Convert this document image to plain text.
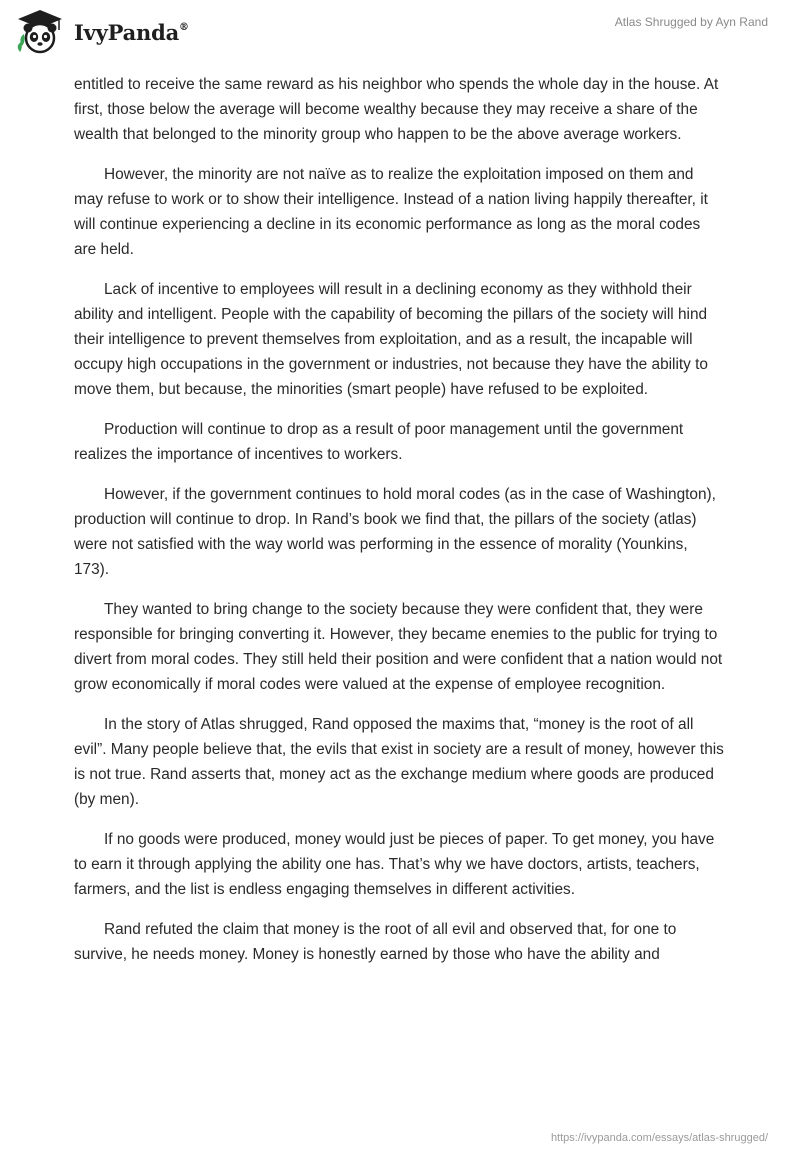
IvyPanda®	Atlas Shrugged by Ayn Rand

entitled to receive the same reward as his neighbor who spends the whole day in the house. At first, those below the average will become wealthy because they may receive a share of the wealth that belonged to the minority group who happen to be the above average workers.

However, the minority are not naïve as to realize the exploitation imposed on them and may refuse to work or to show their intelligence. Instead of a nation living happily thereafter, it will continue experiencing a decline in its economic performance as long as the moral codes are held.

Lack of incentive to employees will result in a declining economy as they withhold their ability and intelligent. People with the capability of becoming the pillars of the society will hind their intelligence to prevent themselves from exploitation, and as a result, the incapable will occupy high occupations in the government or industries, not because they have the ability to move them, but because, the minorities (smart people) have refused to be exploited.

Production will continue to drop as a result of poor management until the government realizes the importance of incentives to workers.

However, if the government continues to hold moral codes (as in the case of Washington), production will continue to drop. In Rand’s book we find that, the pillars of the society (atlas) were not satisfied with the way world was performing in the essence of morality (Younkins, 173).

They wanted to bring change to the society because they were confident that, they were responsible for bringing converting it. However, they became enemies to the public for trying to divert from moral codes. They still held their position and were confident that a nation would not grow economically if moral codes were valued at the expense of employee recognition.

In the story of Atlas shrugged, Rand opposed the maxims that, “money is the root of all evil”. Many people believe that, the evils that exist in society are a result of money, however this is not true. Rand asserts that, money act as the exchange medium where goods are produced (by men).

If no goods were produced, money would just be pieces of paper. To get money, you have to earn it through applying the ability one has. That’s why we have doctors, artists, teachers, farmers, and the list is endless engaging themselves in different activities.

Rand refuted the claim that money is the root of all evil and observed that, for one to survive, he needs money. Money is honestly earned by those who have the ability and

https://ivypanda.com/essays/atlas-shrugged/
